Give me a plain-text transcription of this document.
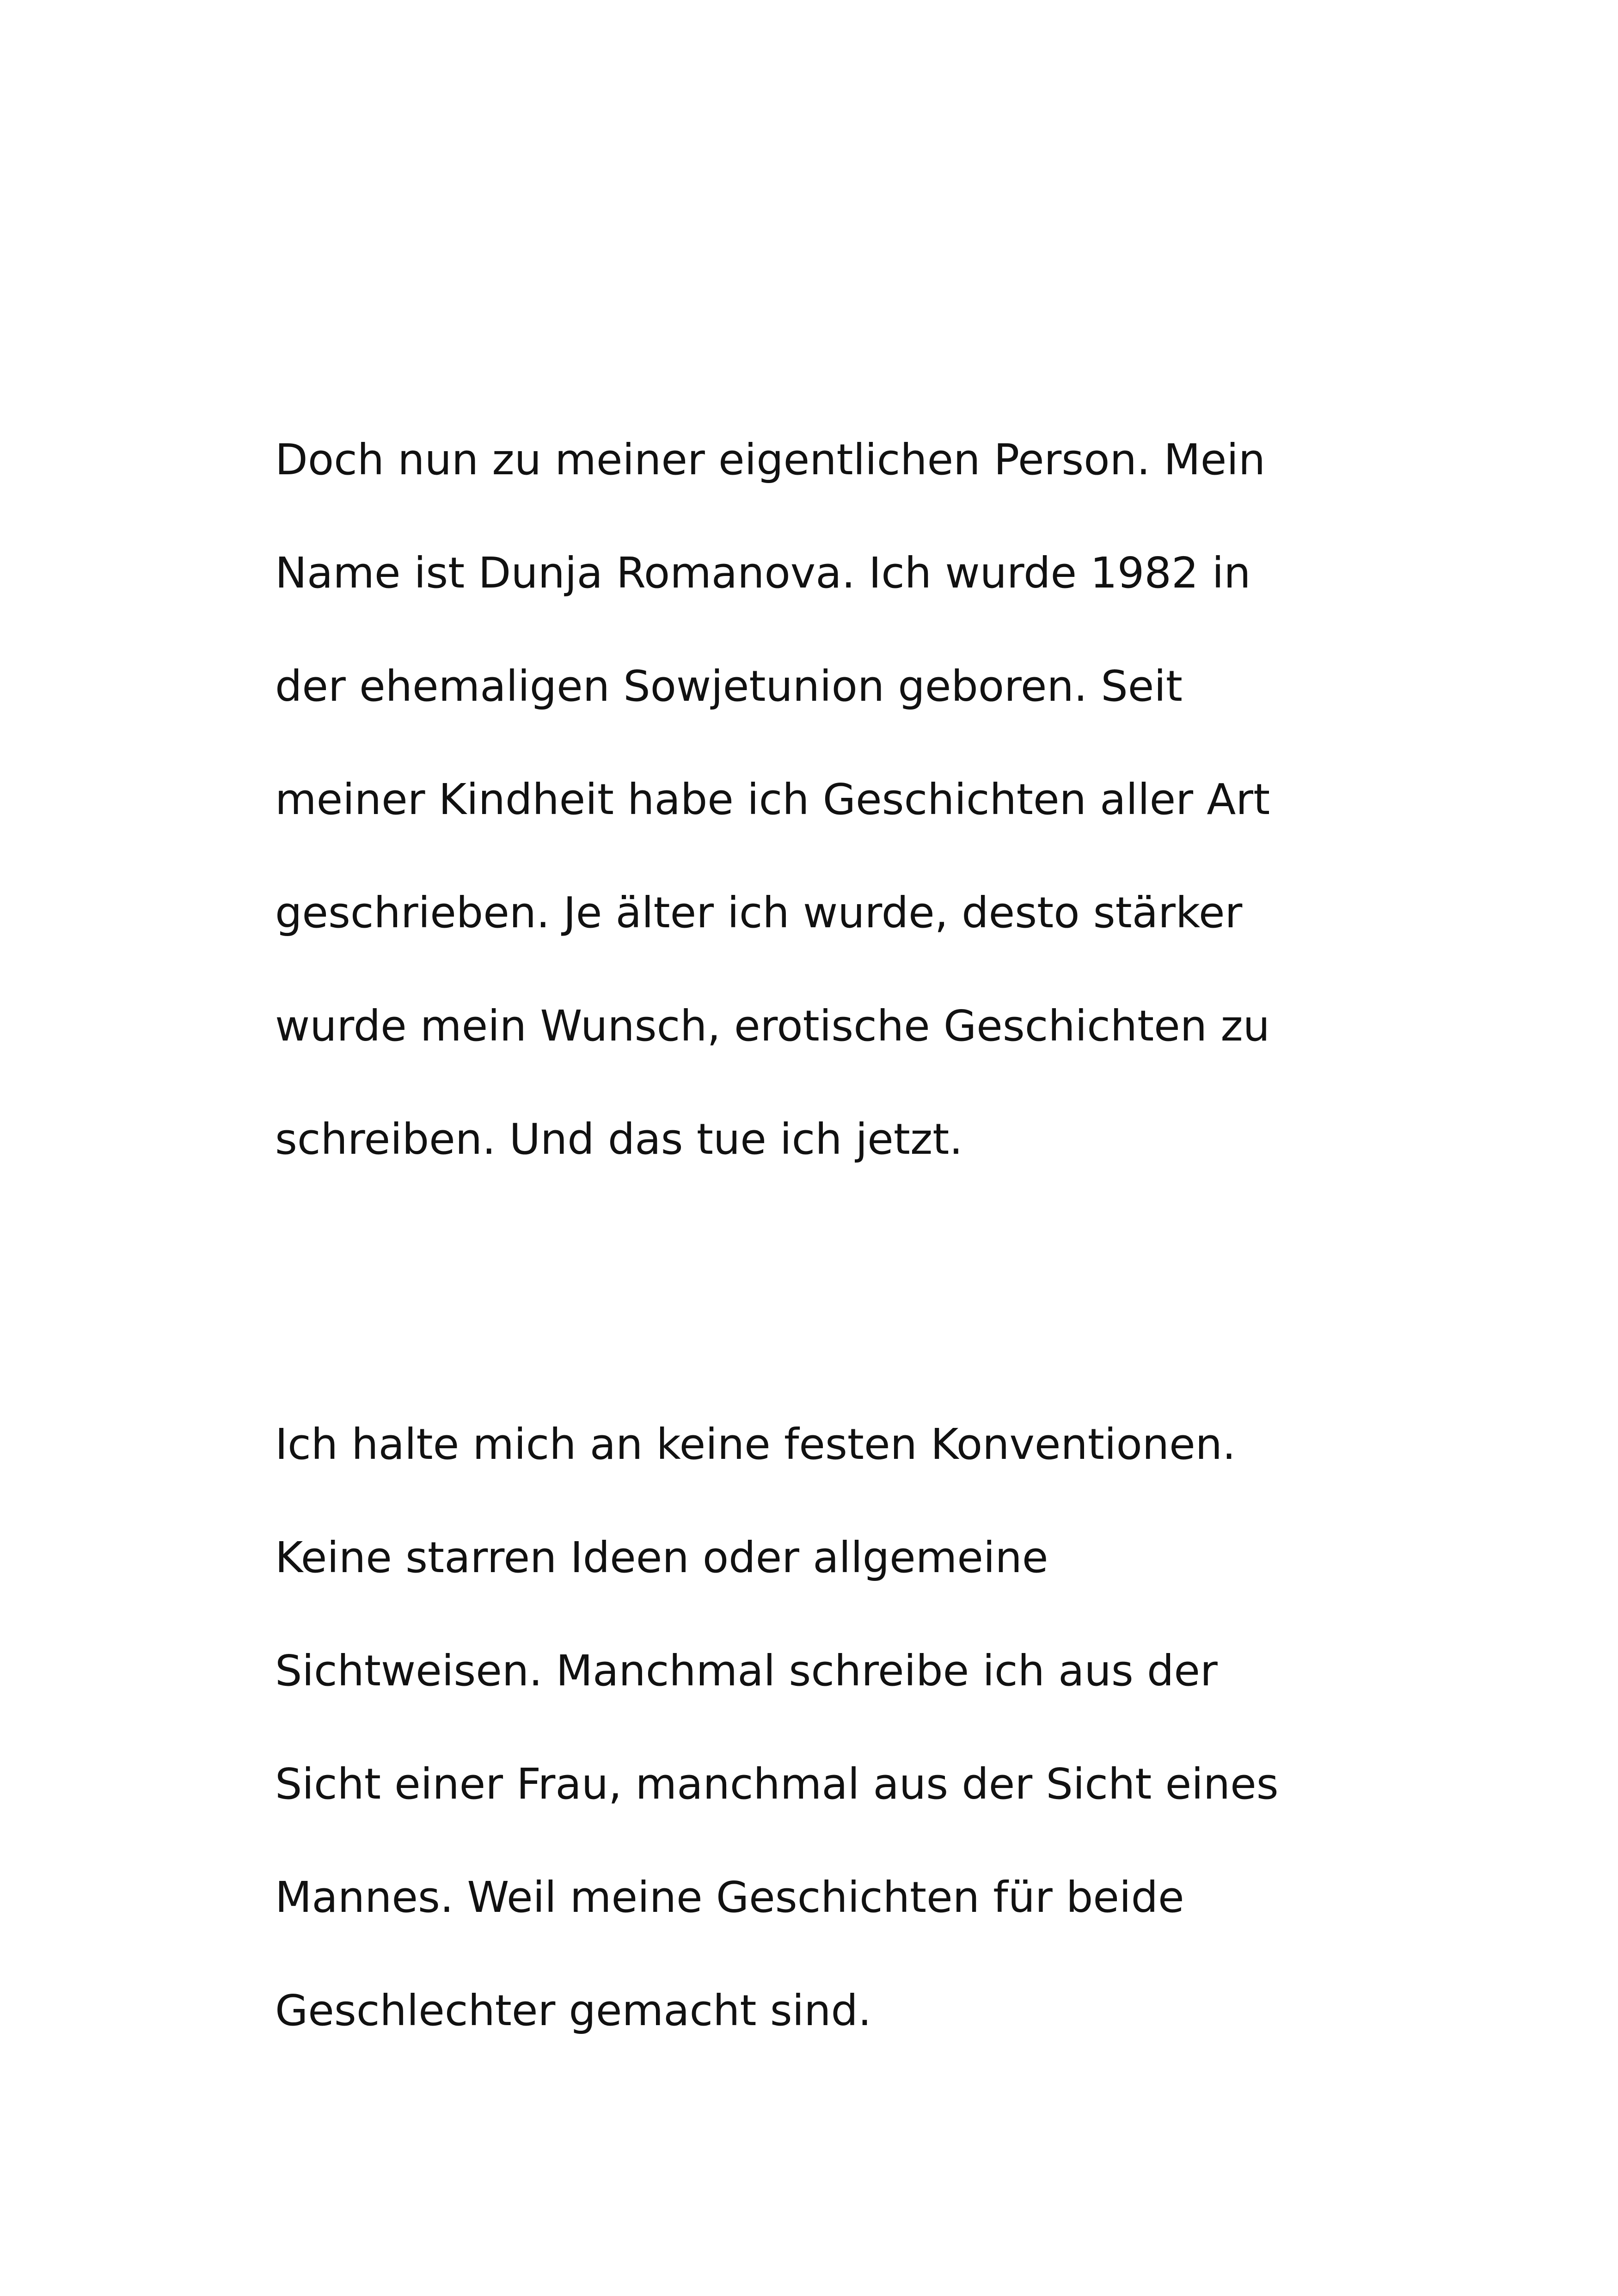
Doch nun zu meiner eigentlichen Person. Mein
Name ist Dunja Romanova. Ich wurde 1982 in
der ehemaligen Sowjetunion geboren. Seit
meiner Kindheit habe ich Geschichten aller Art
geschrieben. Je älter ich wurde, desto stärker
wurde mein Wunsch, erotische Geschichten zu
schreiben. Und das tue ich jetzt.
Ich halte mich an keine festen Konventionen.
Keine starren Ideen oder allgemeine
Sichtweisen. Manchmal schreibe ich aus der
Sicht einer Frau, manchmal aus der Sicht eines
Mannes. Weil meine Geschichten für beide
Geschlechter gemacht sind.
